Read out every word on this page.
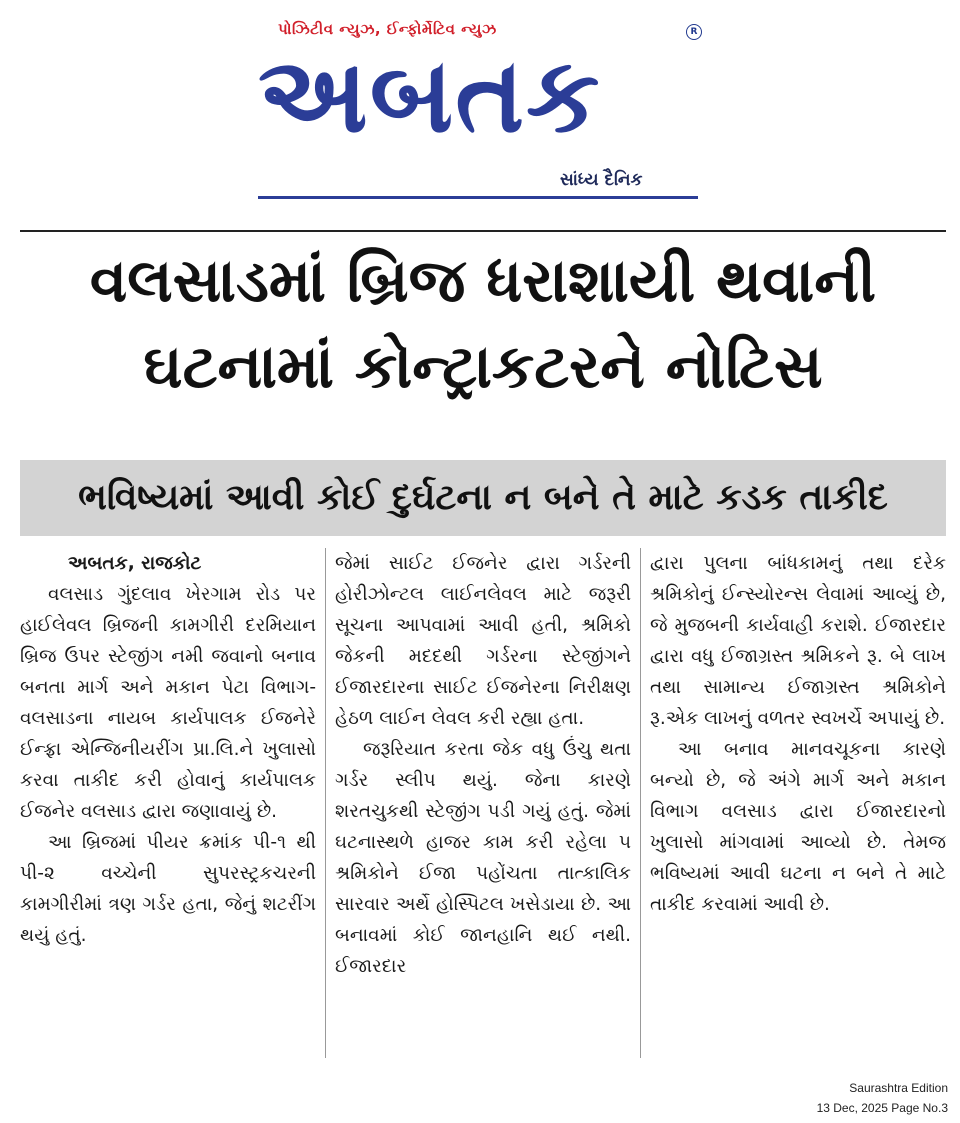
પોઝિટીવ ન્યુઝ, ઈન્ફોર્મેટિવ ન્યુઝ	R
અબતક
સાંધ્ય દૈનિક
વલસાડમાં બ્રિજ ધરાશાયી થવાની ઘટનામાં કોન્ટ્રાકટરને નોટિસ
ભવિષ્યમાં આવી કોઈ દુર્ઘટના ન બને તે માટે કડક તાકીદ
અબતક, રાજકોટ

વલસાડ ગુંદલાવ ખેરગામ રોડ પર હાઈલેવલ બ્રિજની કામગીરી દરમિયાન બ્રિજ ઉપર સ્ટેજીંગ નમી જવાનો બનાવ બનતા માર્ગ અને મકાન પેટા વિભાગ-વલસાડના નાયબ કાર્યપાલક ઈજનેરે ઈન્ફ્રા એન્જિનીયરીંગ પ્રા.લિ.ને ખુલાસો કરવા તાકીદ કરી હોવાનું કાર્યપાલક ઈજનેર વલસાડ દ્વારા જણાવાયું છે.

આ બ્રિજમાં પીયર ક્રમાંક પી-૧ થી પી-૨ વચ્ચેની સુપરસ્ટ્રકચરની કામગીરીમાં ત્રણ ગર્ડર હતા, જેનું શટરીંગ થયું હતું.

જેમાં સાઈટ ઈજનેર દ્વારા ગર્ડરની હોરીઝોન્ટલ લાઈનલેવલ માટે જરૂરી સૂચના આપવામાં આવી હતી, શ્રમિકો જેકની મદદથી ગર્ડરના સ્ટેજીંગને ઈજારદારના સાઈટ ઈજનેરના નિરીક્ષણ હેઠળ લાઈન લેવલ કરી રહ્યા હતા.

જરૂરિયાત કરતા જેક વધુ ઉંચુ થતા ગર્ડર સ્લીપ થયું. જેના કારણે શરતચુકથી સ્ટેજીંગ પડી ગયું હતું. જેમાં ઘટનાસ્થળે હાજર કામ કરી રહેલા ૫ શ્રમિકોને ઈજા પહોંચતા તાત્કાલિક સારવાર અર્થે હોસ્પિટલ ખસેડાયા છે. આ બનાવમાં કોઈ જાનહાનિ થઈ નથી. ઈજારદાર

દ્વારા પુલના બાંધકામનું તથા દરેક શ્રમિકોનું ઈન્સ્યોરન્સ લેવામાં આવ્યું છે, જે મુજબની કાર્યવાહી કરાશે. ઈજારદાર દ્વારા વધુ ઈજાગ્રસ્ત શ્રમિકને રૂ. બે લાખ તથા સામાન્ય ઈજાગ્રસ્ત શ્રમિકોને રૂ.એક લાખનું વળતર સ્વખર્ચે અપાયું છે.

આ બનાવ માનવચૂકના કારણે બન્યો છે, જે અંગે માર્ગ અને મકાન વિભાગ વલસાડ દ્વારા ઈજારદારનો ખુલાસો માંગવામાં આવ્યો છે. તેમજ ભવિષ્યમાં આવી ઘટના ન બને તે માટે તાકીદ કરવામાં આવી છે.

Saurashtra Edition
13 Dec, 2025 Page No.3
